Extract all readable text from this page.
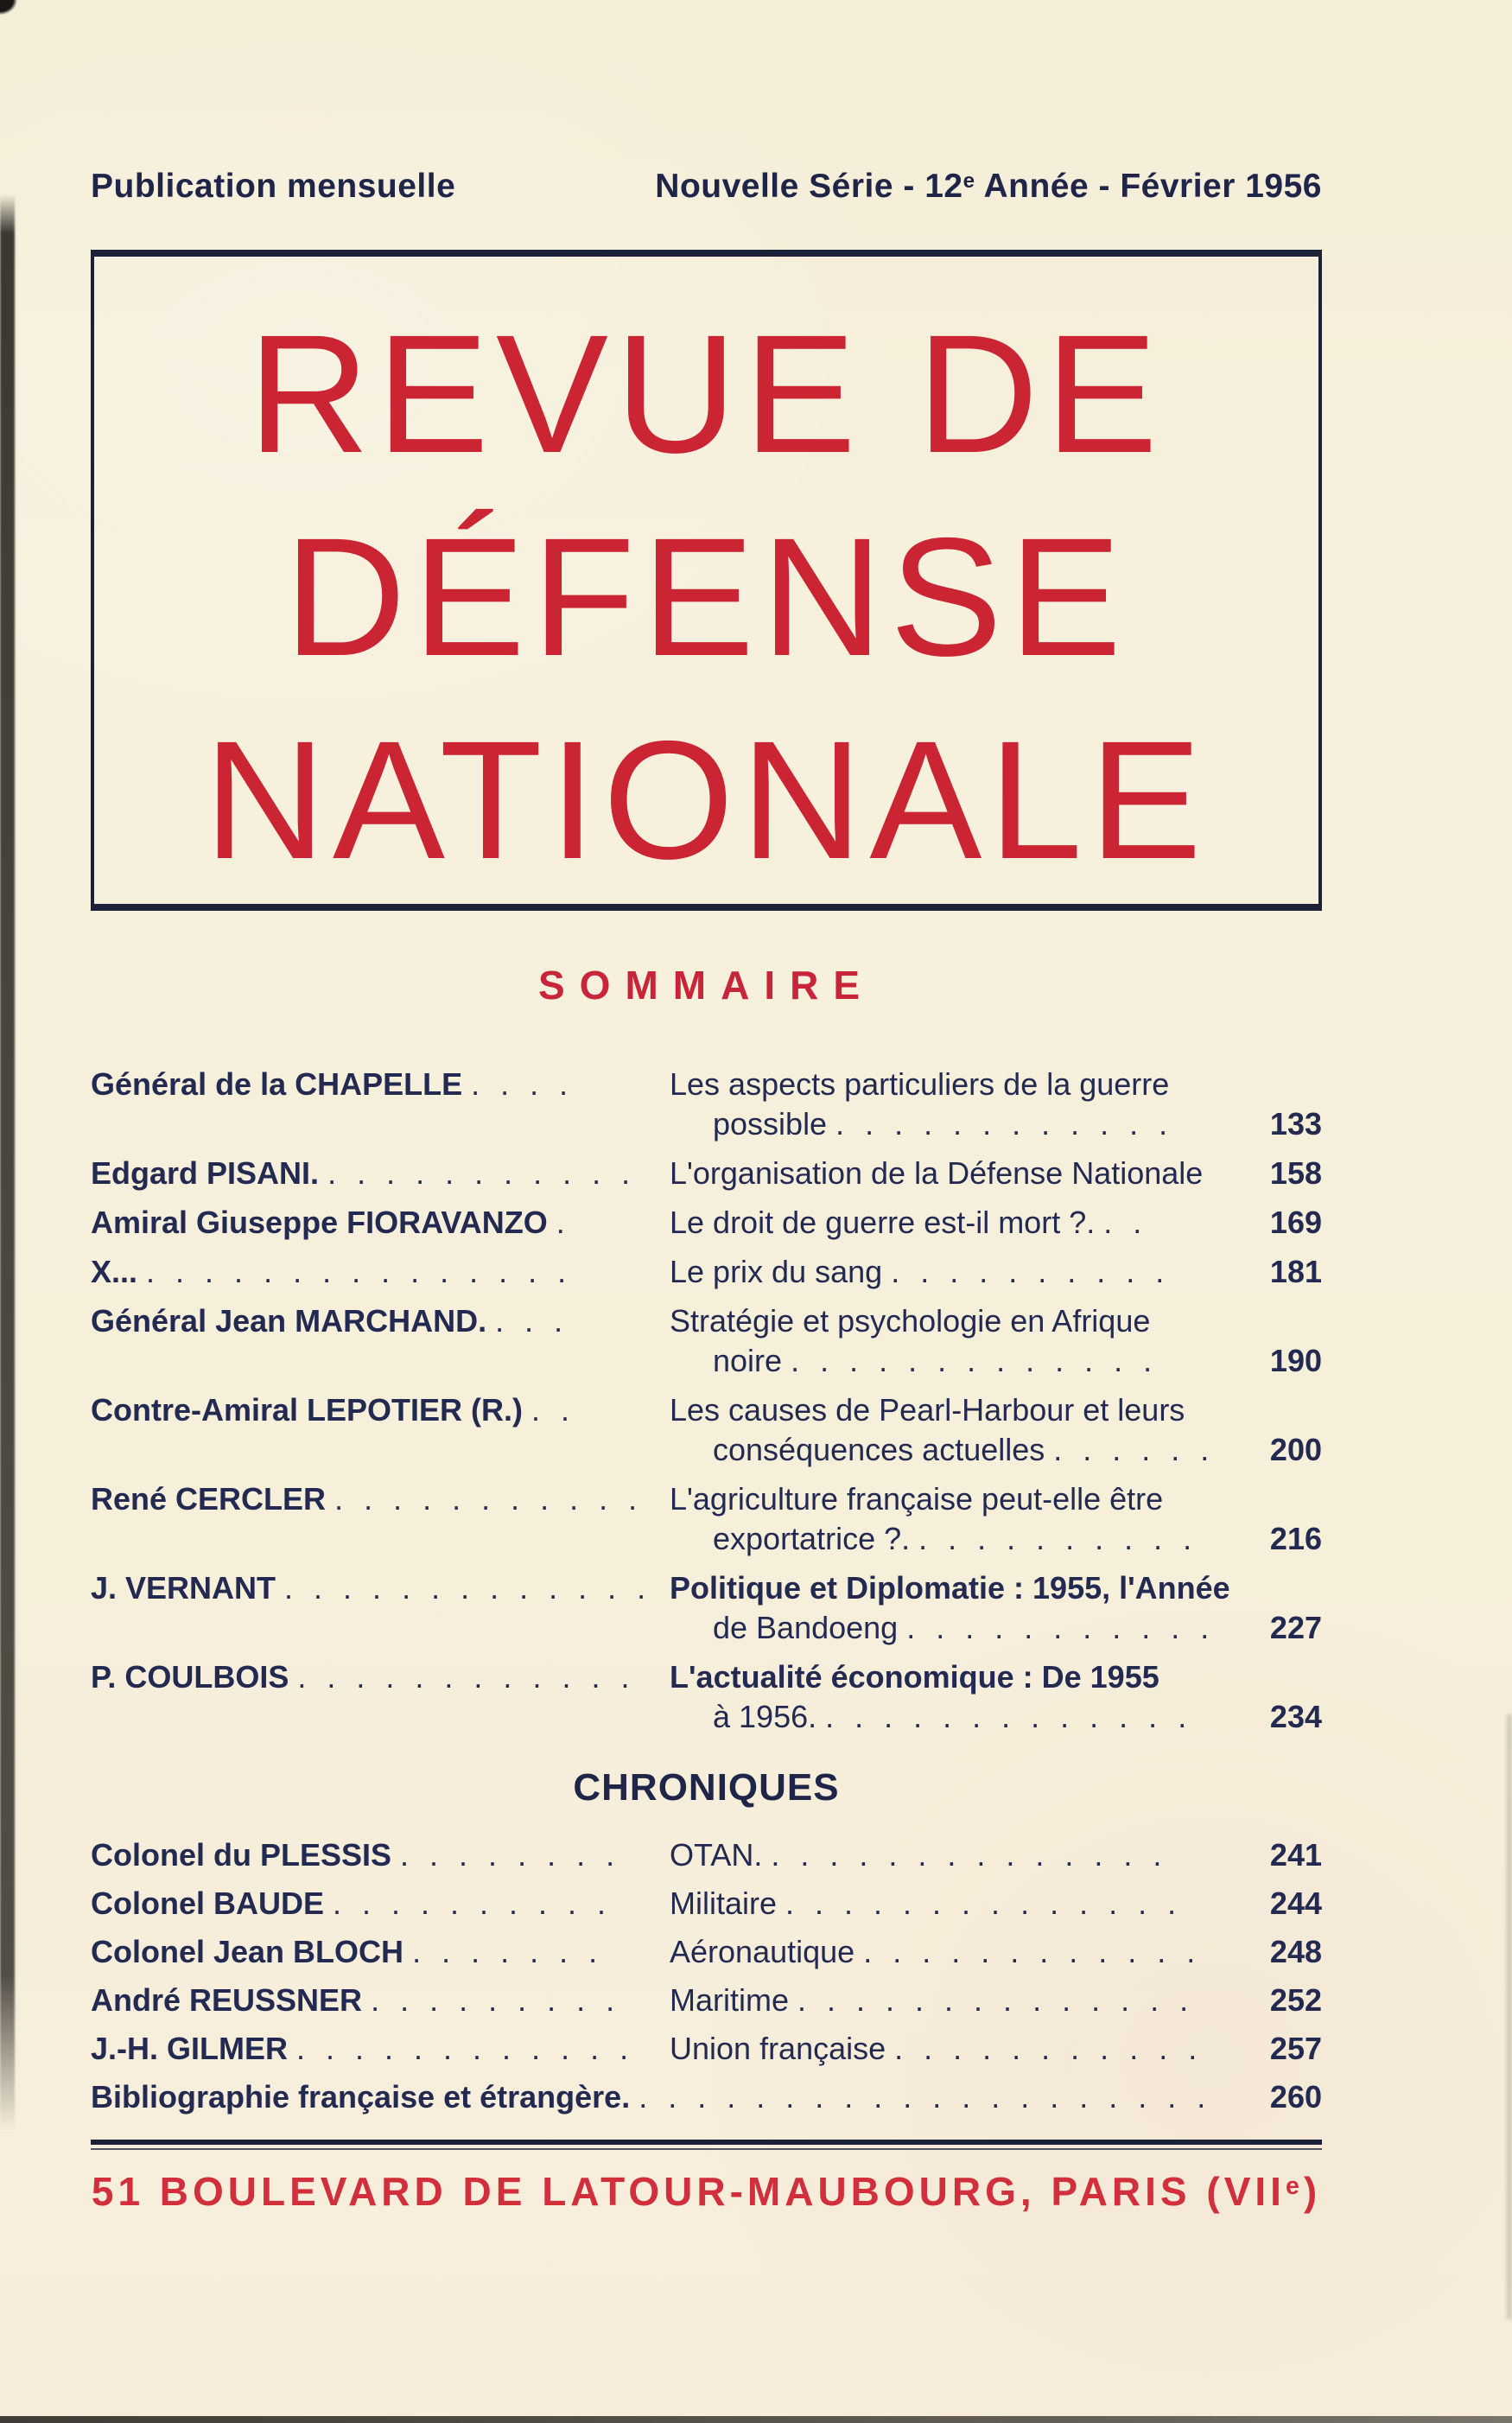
Publication mensuelle	Nouvelle Série - 12e Année - Février 1956
REVUE DE
DÉFENSE
NATIONALE
SOMMAIRE
Général de la CHAPELLE . . . .	Les aspects particuliers de la guerre
possible . . . . . . . . . . . .	133
Edgard PISANI. . . . . . . . . . . .	L'organisation de la Défense Nationale	158
Amiral Giuseppe FIORAVANZO .	Le droit de guerre est-il mort ?. . .	169
X... . . . . . . . . . . . . . . .	Le prix du sang . . . . . . . . . .	181
Général Jean MARCHAND. . . .	Stratégie et psychologie en Afrique
noire . . . . . . . . . . . . .	190
Contre-Amiral LEPOTIER (R.) . .	Les causes de Pearl-Harbour et leurs
conséquences actuelles . . . . . .	200
René CERCLER . . . . . . . . . . . L'agriculture française peut-elle être
exportatrice ?. . . . . . . . . . .	216
J. VERNANT . . . . . . . . . . . . . Politique et Diplomatie : 1955, l'Année
de Bandoeng . . . . . . . . . . .	227
P. COULBOIS . . . . . . . . . . . .	L'actualité économique : De 1955
à 1956. . . . . . . . . . . . . .	234
CHRONIQUES
Colonel du PLESSIS . . . . . . . .	OTAN. . . . . . . . . . . . . . .	241
Colonel BAUDE . . . . . . . . . .	Militaire . . . . . . . . . . . . . .	244
Colonel Jean BLOCH . . . . . . .	Aéronautique . . . . . . . . . . . .	248
André REUSSNER . . . . . . . . .	Maritime . . . . . . . . . . . . . .	252
J.-H. GILMER . . . . . . . . . . . .	Union française . . . . . . . . . . .	257
Bibliographie française et étrangère. . . . . . . . . . . . . . . . . . . . .	260
51 BOULEVARD DE LATOUR-MAUBOURG, PARIS (VIIe)
